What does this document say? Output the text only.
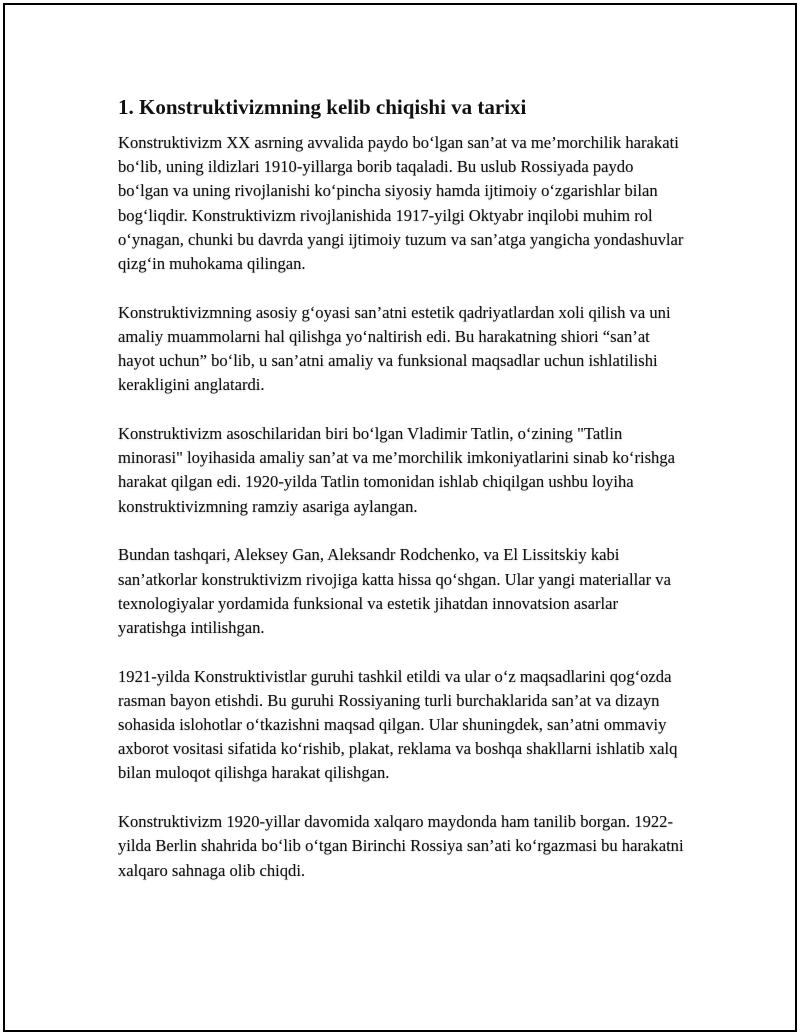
1. Konstruktivizmning kelib chiqishi va tarixi

Konstruktivizm XX asrning avvalida paydo bo‘lgan san’at va me’morchilik harakati bo‘lib, uning ildizlari 1910-yillarga borib taqaladi. Bu uslub Rossiyada paydo bo‘lgan va uning rivojlanishi ko‘pincha siyosiy hamda ijtimoiy o‘zgarishlar bilan bog‘liqdir. Konstruktivizm rivojlanishida 1917-yilgi Oktyabr inqilobi muhim rol o‘ynagan, chunki bu davrda yangi ijtimoiy tuzum va san’atga yangicha yondashuvlar qizg‘in muhokama qilingan.

Konstruktivizmning asosiy g‘oyasi san’atni estetik qadriyatlardan xoli qilish va uni amaliy muammolarni hal qilishga yo‘naltirish edi. Bu harakatning shiori “san’at hayot uchun” bo‘lib, u san’atni amaliy va funksional maqsadlar uchun ishlatilishi kerakligini anglatardi.

Konstruktivizm asoschilaridan biri bo‘lgan Vladimir Tatlin, o‘zining "Tatlin minorasi" loyihasida amaliy san’at va me’morchilik imkoniyatlarini sinab ko‘rishga harakat qilgan edi. 1920-yilda Tatlin tomonidan ishlab chiqilgan ushbu loyiha konstruktivizmning ramziy asariga aylangan.

Bundan tashqari, Aleksey Gan, Aleksandr Rodchenko, va El Lissitskiy kabi san’atkorlar konstruktivizm rivojiga katta hissa qo‘shgan. Ular yangi materiallar va texnologiyalar yordamida funksional va estetik jihatdan innovatsion asarlar yaratishga intilishgan.

1921-yilda Konstruktivistlar guruhi tashkil etildi va ular o‘z maqsadlarini qog‘ozda rasman bayon etishdi. Bu guruhi Rossiyaning turli burchaklarida san’at va dizayn sohasida islohotlar o‘tkazishni maqsad qilgan. Ular shuningdek, san’atni ommaviy axborot vositasi sifatida ko‘rishib, plakat, reklama va boshqa shakllarni ishlatib xalq bilan muloqot qilishga harakat qilishgan.

Konstruktivizm 1920-yillar davomida xalqaro maydonda ham tanilib borgan. 1922-yilda Berlin shahrida bo‘lib o‘tgan Birinchi Rossiya san’ati ko‘rgazmasi bu harakatni xalqaro sahnaga olib chiqdi.
